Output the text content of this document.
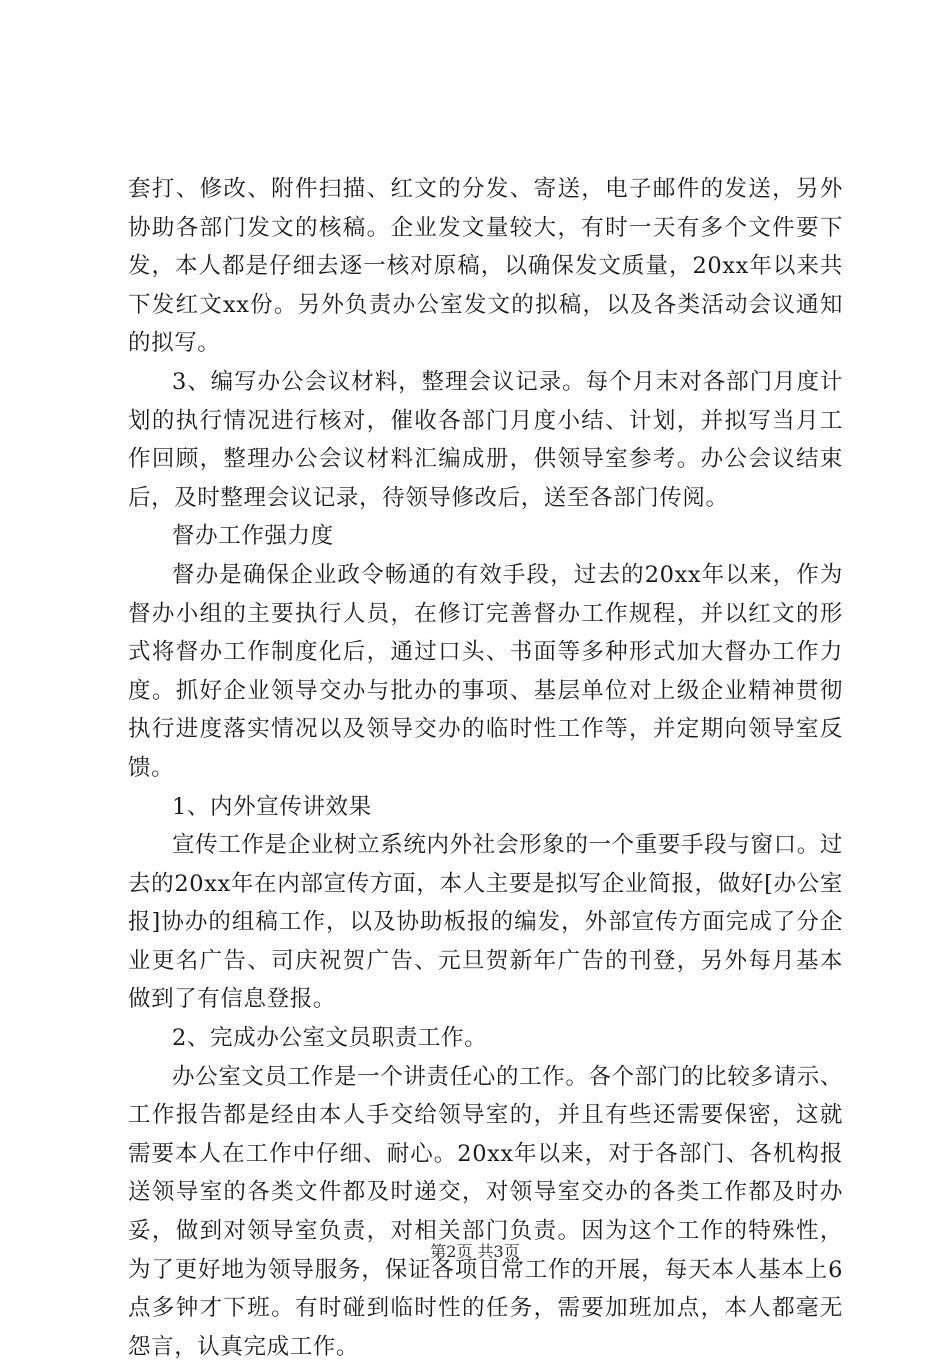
套打、修改、附件扫描、红文的分发、寄送，电子邮件的发送，另外协助各部门发文的核稿。企业发文量较大，有时一天有多个文件要下发，本人都是仔细去逐一核对原稿，以确保发文质量，20xx年以来共下发红文xx份。另外负责办公室发文的拟稿，以及各类活动会议通知的拟写。

3、编写办公会议材料，整理会议记录。每个月末对各部门月度计划的执行情况进行核对，催收各部门月度小结、计划，并拟写当月工作回顾，整理办公会议材料汇编成册，供领导室参考。办公会议结束后，及时整理会议记录，待领导修改后，送至各部门传阅。

督办工作强力度

督办是确保企业政令畅通的有效手段，过去的20xx年以来，作为督办小组的主要执行人员，在修订完善督办工作规程，并以红文的形式将督办工作制度化后，通过口头、书面等多种形式加大督办工作力度。抓好企业领导交办与批办的事项、基层单位对上级企业精神贯彻执行进度落实情况以及领导交办的临时性工作等，并定期向领导室反馈。

1、内外宣传讲效果

宣传工作是企业树立系统内外社会形象的一个重要手段与窗口。过去的20xx年在内部宣传方面，本人主要是拟写企业简报，做好[办公室报]协办的组稿工作，以及协助板报的编发，外部宣传方面完成了分企业更名广告、司庆祝贺广告、元旦贺新年广告的刊登，另外每月基本做到了有信息登报。

2、完成办公室文员职责工作。

办公室文员工作是一个讲责任心的工作。各个部门的比较多请示、工作报告都是经由本人手交给领导室的，并且有些还需要保密，这就需要本人在工作中仔细、耐心。20xx年以来，对于各部门、各机构报送领导室的各类文件都及时递交，对领导室交办的各类工作都及时办妥，做到对领导室负责，对相关部门负责。因为这个工作的特殊性，为了更好地为领导服务，保证各项日常工作的开展，每天本人基本上6点多钟才下班。有时碰到临时性的任务，需要加班加点，本人都毫无怨言，认真完成工作。

第2页 共3页
